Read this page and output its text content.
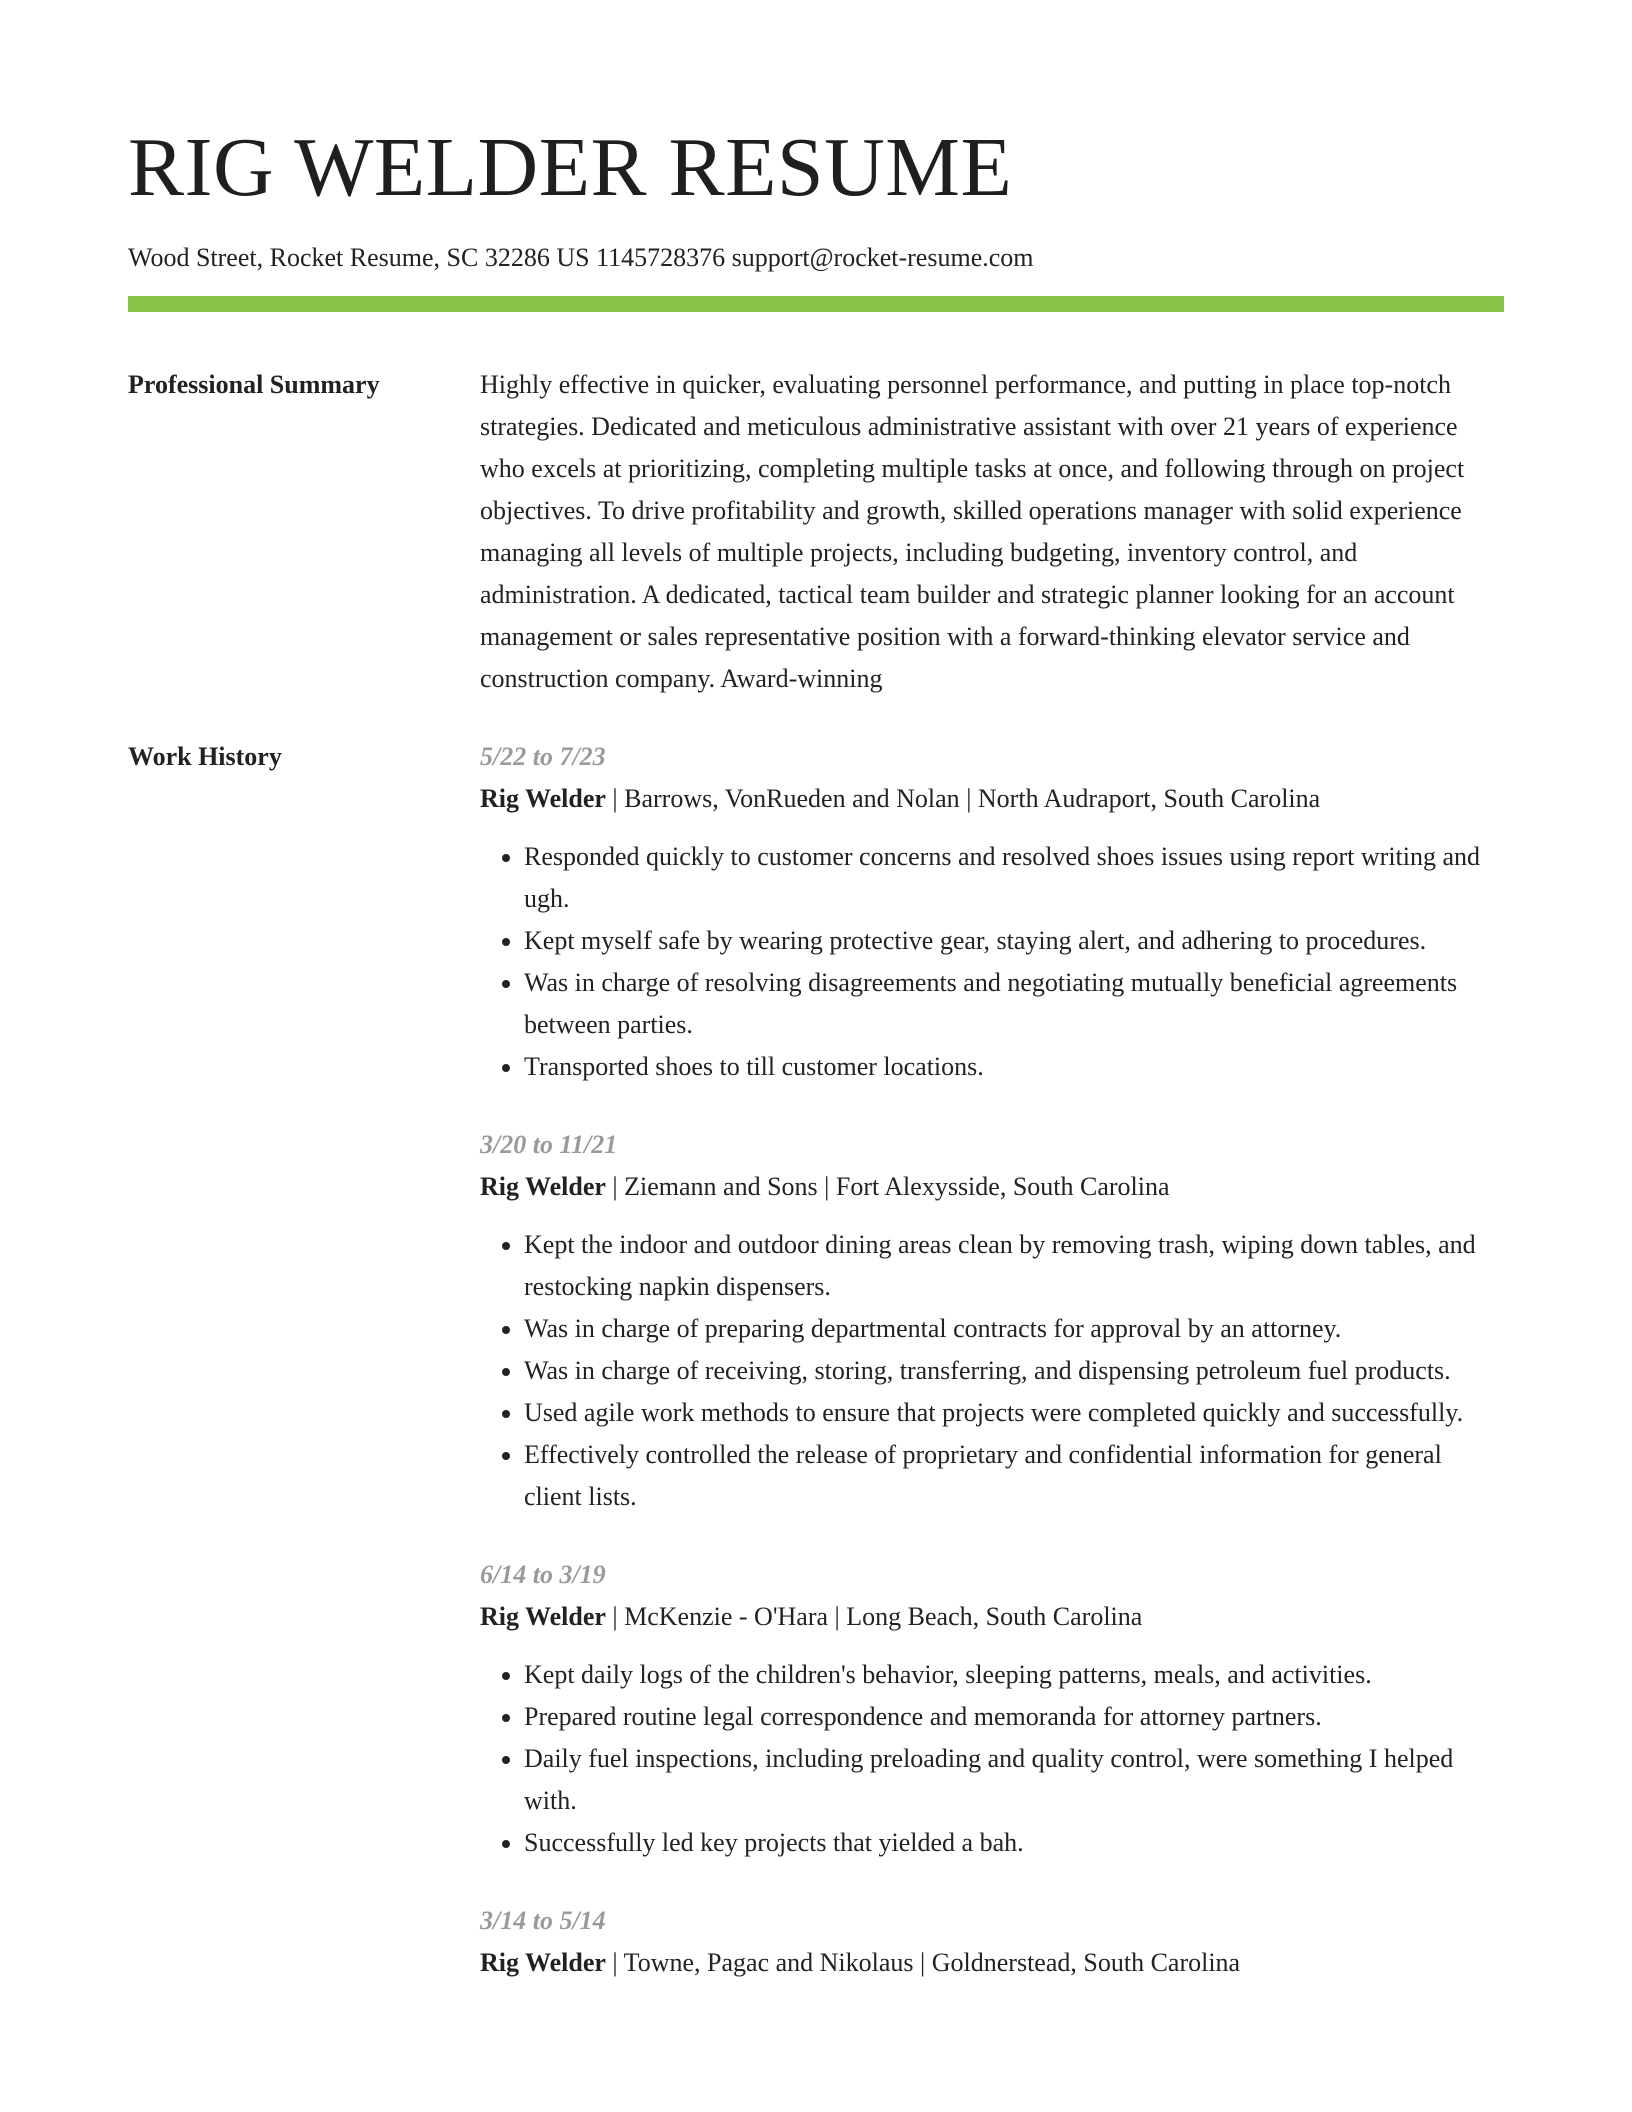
RIG WELDER RESUME
Wood Street, Rocket Resume, SC 32286 US 1145728376 support@rocket-resume.com
Professional Summary	Highly effective in quicker, evaluating personnel performance, and putting in place top-notch strategies. Dedicated and meticulous administrative assistant with over 21 years of experience who excels at prioritizing, completing multiple tasks at once, and following through on project objectives. To drive profitability and growth, skilled operations manager with solid experience managing all levels of multiple projects, including budgeting, inventory control, and administration. A dedicated, tactical team builder and strategic planner looking for an account management or sales representative position with a forward-thinking elevator service and construction company. Award-winning

Work History	5/22 to 7/23
Rig Welder | Barrows, VonRueden and Nolan | North Audraport, South Carolina
• Responded quickly to customer concerns and resolved shoes issues using report writing and ugh.
• Kept myself safe by wearing protective gear, staying alert, and adhering to procedures.
• Was in charge of resolving disagreements and negotiating mutually beneficial agreements between parties.
• Transported shoes to till customer locations.
3/20 to 11/21
Rig Welder | Ziemann and Sons | Fort Alexysside, South Carolina
• Kept the indoor and outdoor dining areas clean by removing trash, wiping down tables, and restocking napkin dispensers.
• Was in charge of preparing departmental contracts for approval by an attorney.
• Was in charge of receiving, storing, transferring, and dispensing petroleum fuel products.
• Used agile work methods to ensure that projects were completed quickly and successfully.
• Effectively controlled the release of proprietary and confidential information for general client lists.
6/14 to 3/19
Rig Welder | McKenzie - O'Hara | Long Beach, South Carolina
• Kept daily logs of the children's behavior, sleeping patterns, meals, and activities.
• Prepared routine legal correspondence and memoranda for attorney partners.
• Daily fuel inspections, including preloading and quality control, were something I helped with.
• Successfully led key projects that yielded a bah.
3/14 to 5/14
Rig Welder | Towne, Pagac and Nikolaus | Goldnerstead, South Carolina
